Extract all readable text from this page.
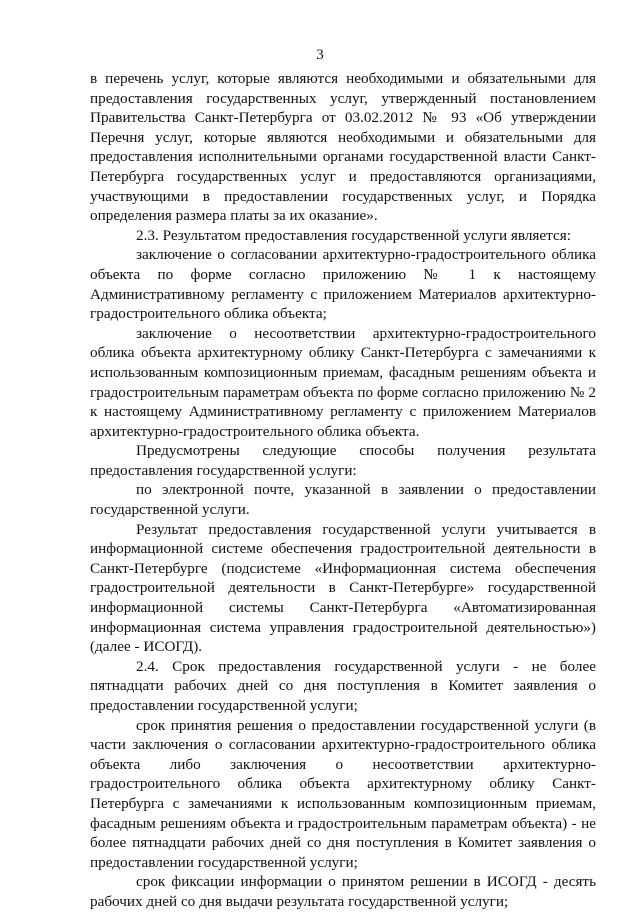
3

в перечень услуг, которые являются необходимыми и обязательными для предоставления государственных услуг, утвержденный постановлением Правительства Санкт-Петербурга от 03.02.2012 № 93 «Об утверждении Перечня услуг, которые являются необходимыми и обязательными для предоставления исполнительными органами государственной власти Санкт-Петербурга государственных услуг и предоставляются организациями, участвующими в предоставлении государственных услуг, и Порядка определения размера платы за их оказание».

2.3. Результатом предоставления государственной услуги является:

заключение о согласовании архитектурно-градостроительного облика объекта по форме согласно приложению № 1 к настоящему Административному регламенту с приложением Материалов архитектурно-градостроительного облика объекта;

заключение о несоответствии архитектурно-градостроительного облика объекта архитектурному облику Санкт-Петербурга с замечаниями к использованным композиционным приемам, фасадным решениям объекта и градостроительным параметрам объекта по форме согласно приложению № 2 к настоящему Административному регламенту с приложением Материалов архитектурно-градостроительного облика объекта.

Предусмотрены следующие способы получения результата предоставления государственной услуги:

по электронной почте, указанной в заявлении о предоставлении государственной услуги.

Результат предоставления государственной услуги учитывается в информационной системе обеспечения градостроительной деятельности в Санкт-Петербурге (подсистеме «Информационная система обеспечения градостроительной деятельности в Санкт-Петербурге» государственной информационной системы Санкт-Петербурга «Автоматизированная информационная система управления градостроительной деятельностью») (далее - ИСОГД).

2.4. Срок предоставления государственной услуги - не более пятнадцати рабочих дней со дня поступления в Комитет заявления о предоставлении государственной услуги;

срок принятия решения о предоставлении государственной услуги (в части заключения о согласовании архитектурно-градостроительного облика объекта либо заключения о несоответствии архитектурно-градостроительного облика объекта архитектурному облику Санкт-Петербурга с замечаниями к использованным композиционным приемам, фасадным решениям объекта и градостроительным параметрам объекта) - не более пятнадцати рабочих дней со дня поступления в Комитет заявления о предоставлении государственной услуги;

срок фиксации информации о принятом решении в ИСОГД - десять рабочих дней со дня выдачи результата государственной услуги;
